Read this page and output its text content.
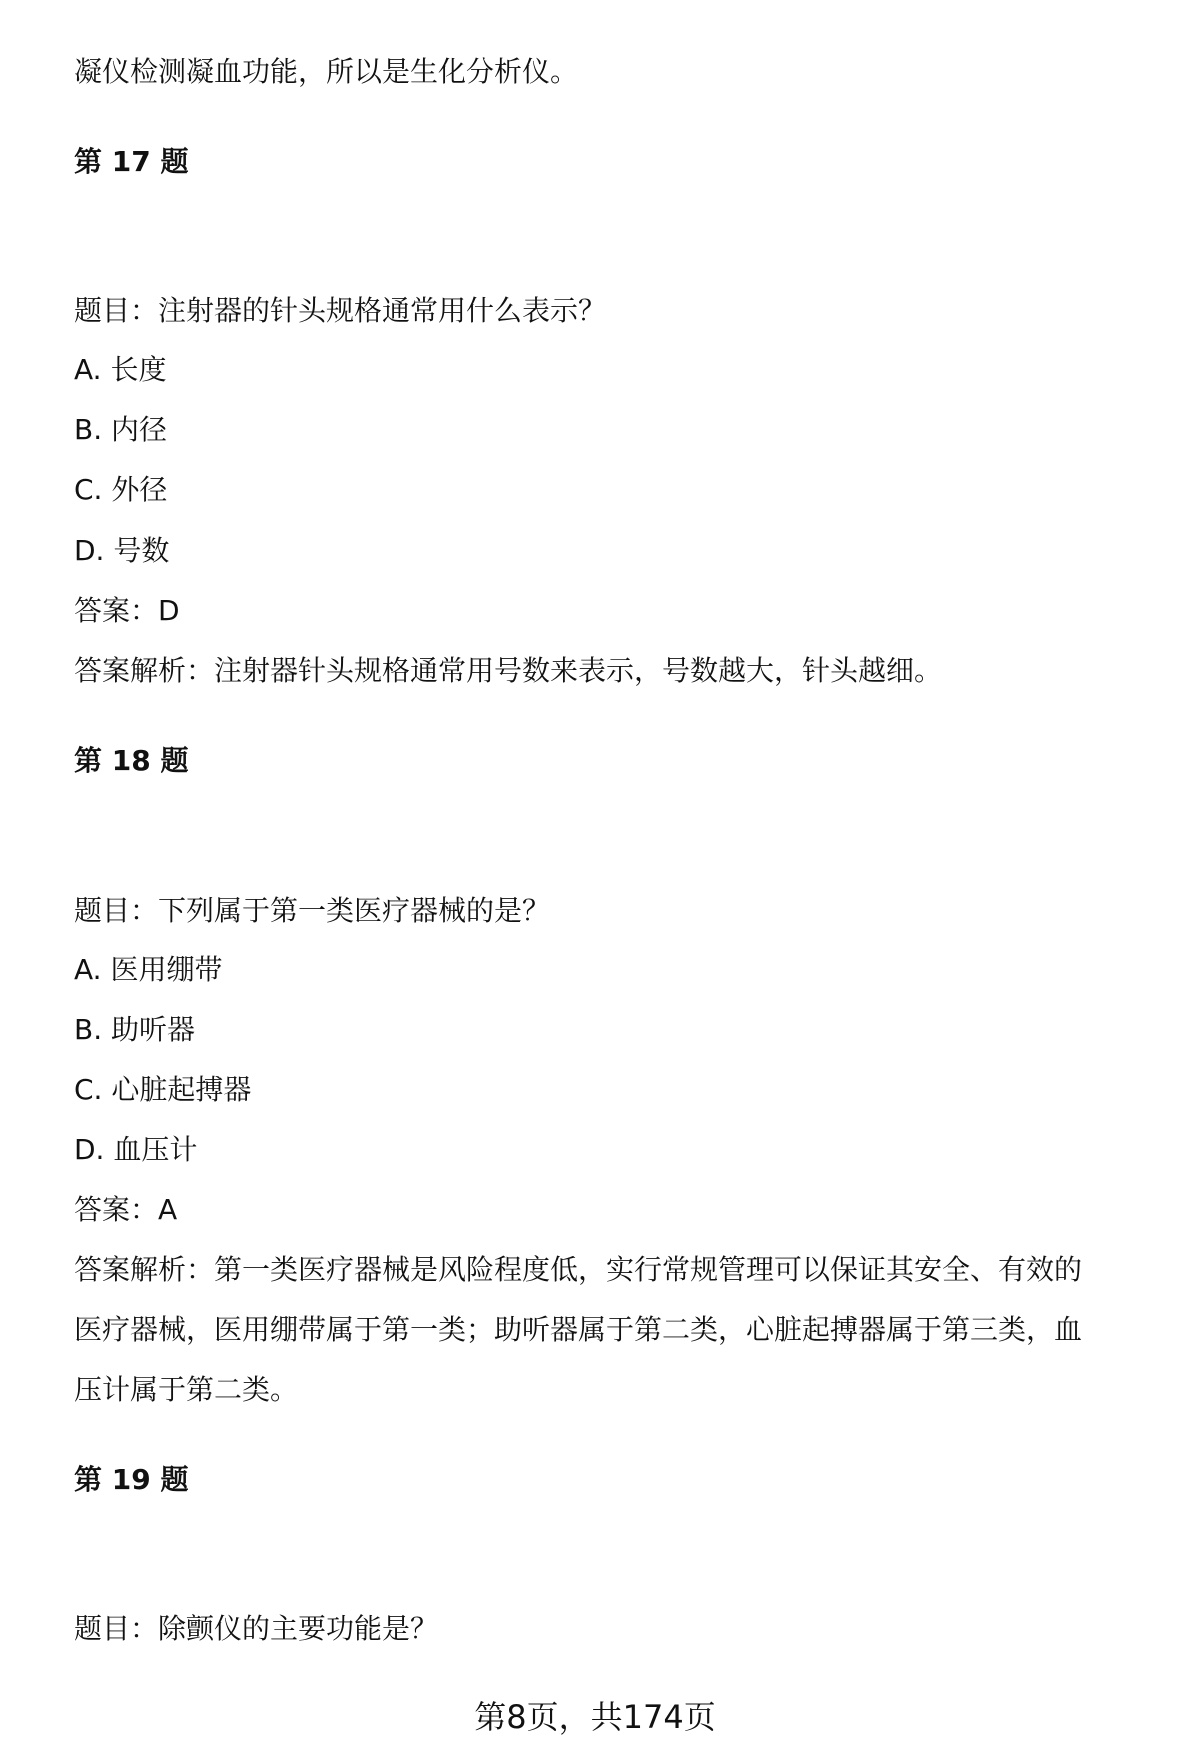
凝仪检测凝血功能，所以是生化分析仪。
第 17 题
题目：注射器的针头规格通常用什么表示？
A. 长度
B. 内径
C. 外径
D. 号数
答案：D
答案解析：注射器针头规格通常用号数来表示，号数越大，针头越细。
第 18 题
题目：下列属于第一类医疗器械的是？
A. 医用绷带
B. 助听器
C. 心脏起搏器
D. 血压计
答案：A
答案解析：第一类医疗器械是风险程度低，实行常规管理可以保证其安全、有效的
医疗器械，医用绷带属于第一类；助听器属于第二类，心脏起搏器属于第三类，血
压计属于第二类。
第 19 题
题目：除颤仪的主要功能是？
第8页，共174页
